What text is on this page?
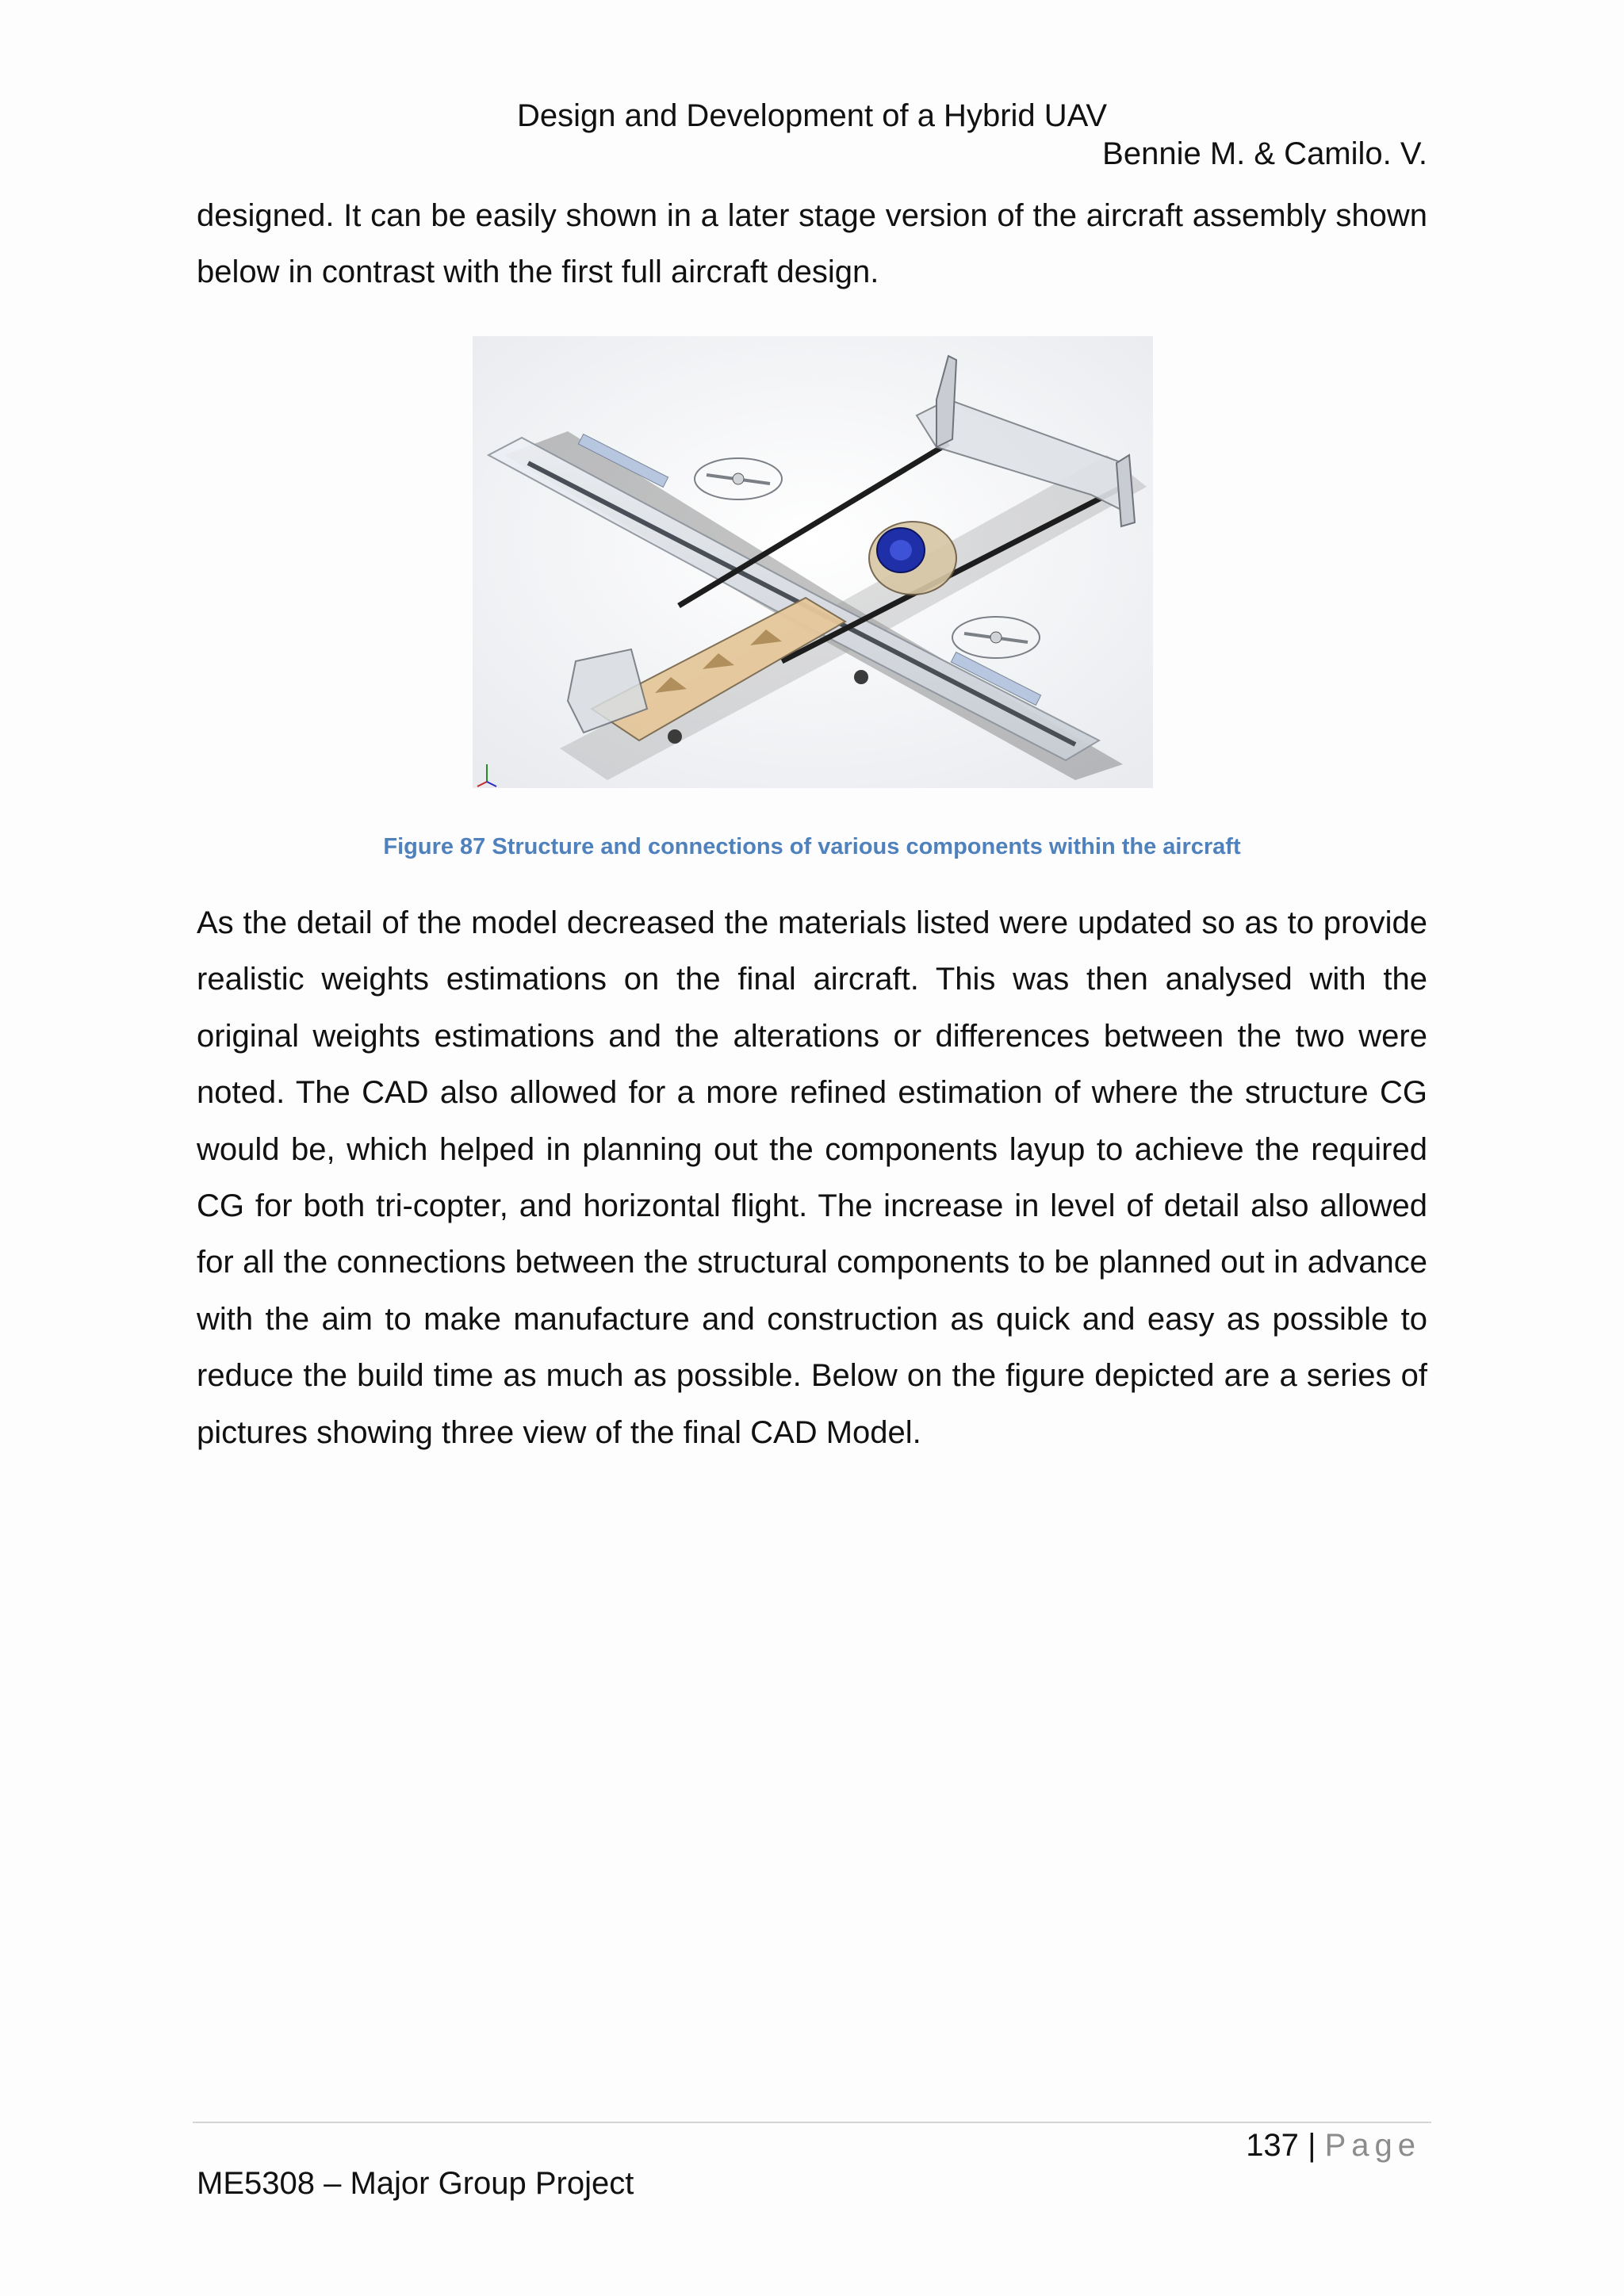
Design and Development of a Hybrid UAV
Bennie M. & Camilo. V.

designed. It can be easily shown in a later stage version of the aircraft assembly shown below in contrast with the first full aircraft design.

Figure 87 Structure and connections of various components within the aircraft

As the detail of the model decreased the materials listed were updated so as to provide realistic weights estimations on the final aircraft. This was then analysed with the original weights estimations and the alterations or differences between the two were noted. The CAD also allowed for a more refined estimation of where the structure CG would be, which helped in planning out the components layup to achieve the required CG for both tri-copter, and horizontal flight. The increase in level of detail also allowed for all the connections between the structural components to be planned out in advance with the aim to make manufacture and construction as quick and easy as possible to reduce the build time as much as possible. Below on the figure depicted are a series of pictures showing three view of the final CAD Model.

137 | Page
ME5308 – Major Group Project
